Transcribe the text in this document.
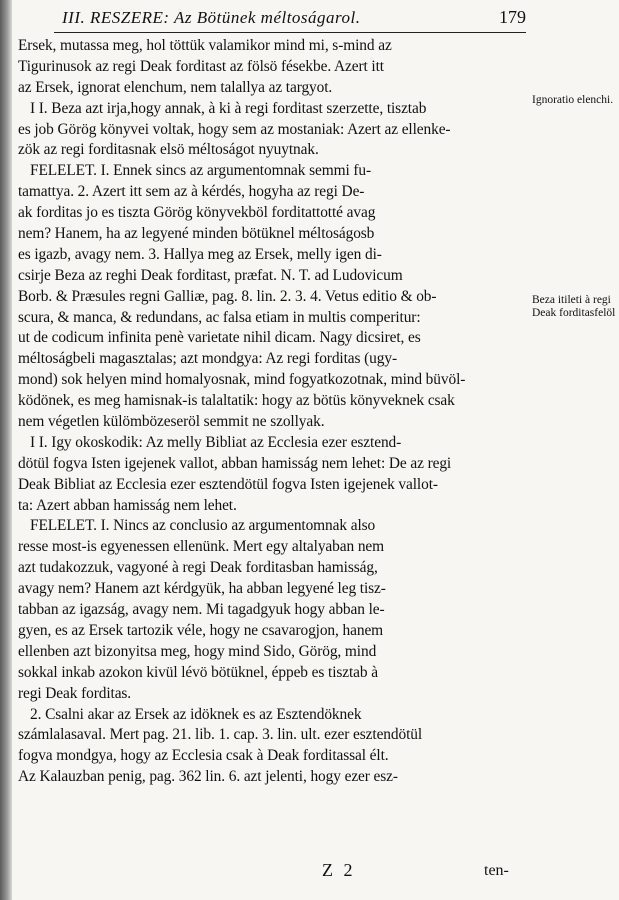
III. RESZERE: Az Bötünek méltoságarol.	179
Ersek, mutassa meg, hol töttük valamikor mind mi, s-mind az
Tigurinusok az regi Deak forditast az fölsö fésekbe. Azert itt
az Ersek, ignorat elenchum, nem talallya az targyot.
I I. Beza azt irja,hogy annak, à ki à regi forditast szerzette, tisztab
es job Görög könyvei voltak, hogy sem az mostaniak: Azert az ellenke-
zök az regi forditasnak elsö méltoságot nyuytnak.
FELELET. I. Ennek sincs az argumentomnak semmi fu-
tamattya. 2. Azert itt sem az à kérdés, hogyha az regi De-
ak forditas jo es tiszta Görög könyvekböl forditattotté avag
nem? Hanem, ha az legyené minden bötüknel méltoságosb
es igazb, avagy nem. 3. Hallya meg az Ersek, melly igen di-
csirje Beza az reghi Deak forditast, præfat. N. T. ad Ludovicum
Borb. & Præsules regni Galliæ, pag. 8. lin. 2. 3. 4. Vetus editio & ob-
scura, & manca, & redundans, ac falsa etiam in multis comperitur:
ut de codicum infinita penè varietate nihil dicam. Nagy dicsiret, es
méltoságbeli magasztalas; azt mondgya: Az regi forditas (ugy-
mond) sok helyen mind homalyosnak, mind fogyatkozotnak, mind büvöl-
ködönek, es meg hamisnak-is talaltatik: hogy az bötüs könyveknek csak
nem végetlen külömbözeseröl semmit ne szollyak.
I I. Igy okoskodik: Az melly Bibliat az Ecclesia ezer esztend-
dötül fogva Isten igejenek vallot, abban hamisság nem lehet: De az regi
Deak Bibliat az Ecclesia ezer esztendötül fogva Isten igejenek vallot-
ta: Azert abban hamisság nem lehet.
FELELET. I. Nincs az conclusio az argumentomnak also
resse most-is egyenessen ellenünk. Mert egy altalyaban nem
azt tudakozzuk, vagyoné à regi Deak forditasban hamisság,
avagy nem? Hanem azt kérdgyük, ha abban legyené leg tisz-
tabban az igazság, avagy nem. Mi tagadgyuk hogy abban le-
gyen, es az Ersek tartozik véle, hogy ne csavarogjon, hanem
ellenben azt bizonyitsa meg, hogy mind Sido, Görög, mind
sokkal inkab azokon kivül lévö bötüknel, éppeb es tisztab à
regi Deak forditas.
2. Csalni akar az Ersek az idöknek es az Esztendöknek
számlalasaval. Mert pag. 21. lib. 1. cap. 3. lin. ult. ezer esztendötül
fogva mondgya, hogy az Ecclesia csak à Deak forditassal élt.
Az Kalauzban penig, pag. 362 lin. 6. azt jelenti, hogy ezer esz-
Ignoratio elenchi.
Beza itileti à regi Deak forditasfelöl
Z 2	ten-
